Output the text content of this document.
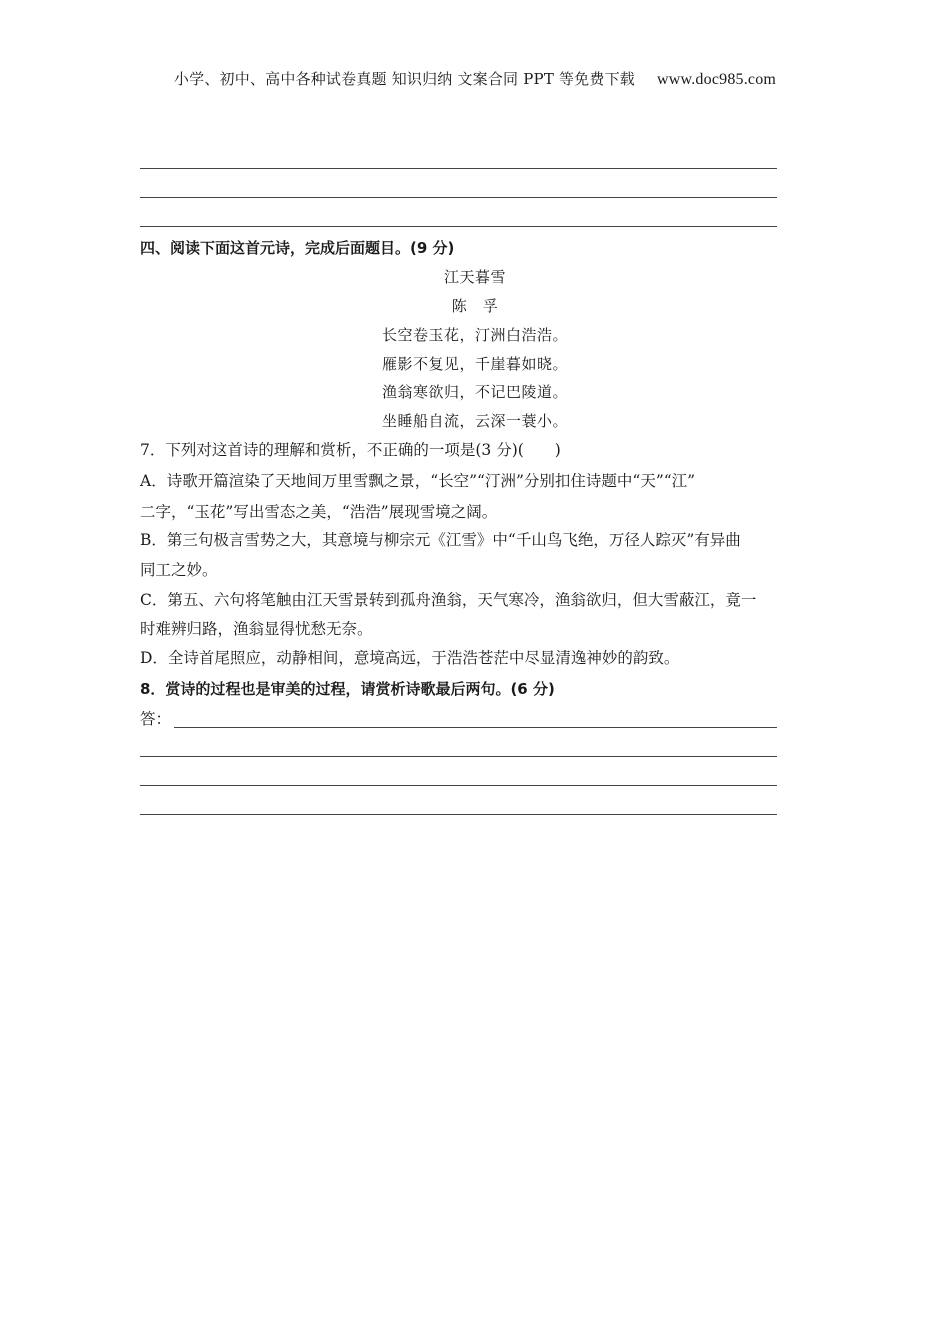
小学、初中、高中各种试卷真题 知识归纳 文案合同 PPT 等免费下载 www.doc985.com
四、阅读下面这首元诗，完成后面题目。(9 分)
江天暮雪
陈　孚
长空卷玉花，汀洲白浩浩。
雁影不复见，千崖暮如晓。
渔翁寒欲归，不记巴陵道。
坐睡船自流，云深一蓑小。
7．下列对这首诗的理解和赏析，不正确的一项是(3 分)(　　)
A．诗歌开篇渲染了天地间万里雪飘之景，“长空”“汀洲”分别扣住诗题中“天”“江”
二字，“玉花”写出雪态之美，“浩浩”展现雪境之阔。
B．第三句极言雪势之大，其意境与柳宗元《江雪》中“千山鸟飞绝，万径人踪灭”有异曲
同工之妙。
C．第五、六句将笔触由江天雪景转到孤舟渔翁，天气寒冷，渔翁欲归，但大雪蔽江，竟一
时难辨归路，渔翁显得忧愁无奈。
D．全诗首尾照应，动静相间，意境高远，于浩浩苍茫中尽显清逸神妙的韵致。
8．赏诗的过程也是审美的过程，请赏析诗歌最后两句。(6 分)
答：
